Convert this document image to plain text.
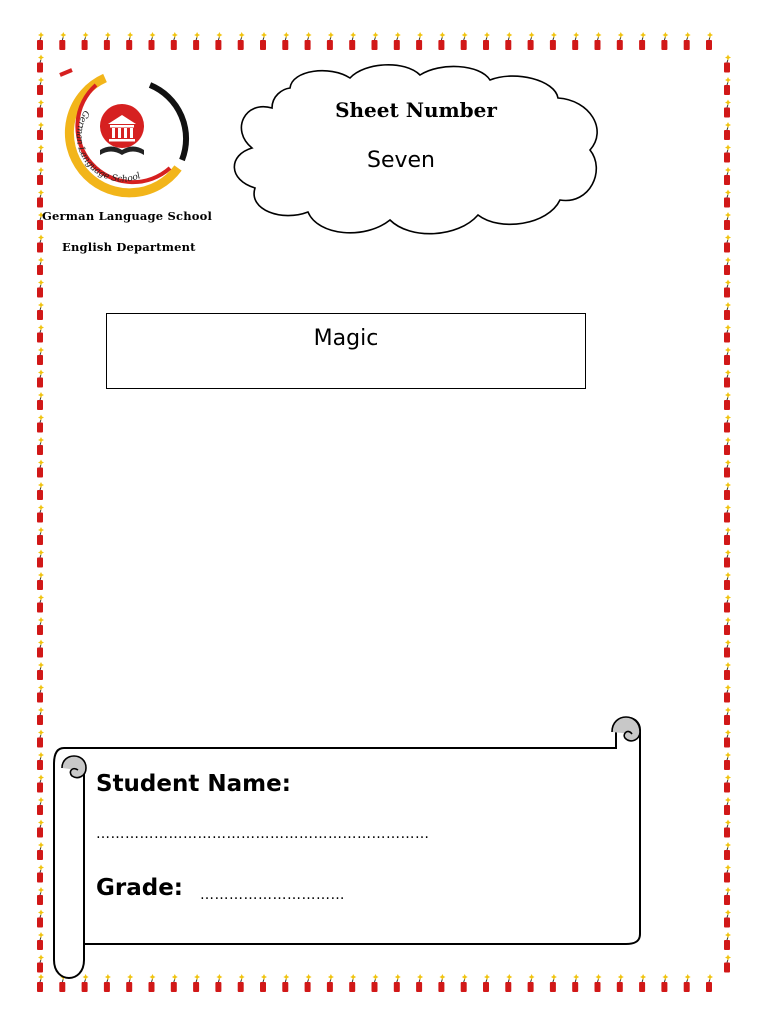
German Language School
German Language School
English Department
Sheet Number
Seven
Magic
Student Name:
……………………………………………………………
Grade: …………………………
